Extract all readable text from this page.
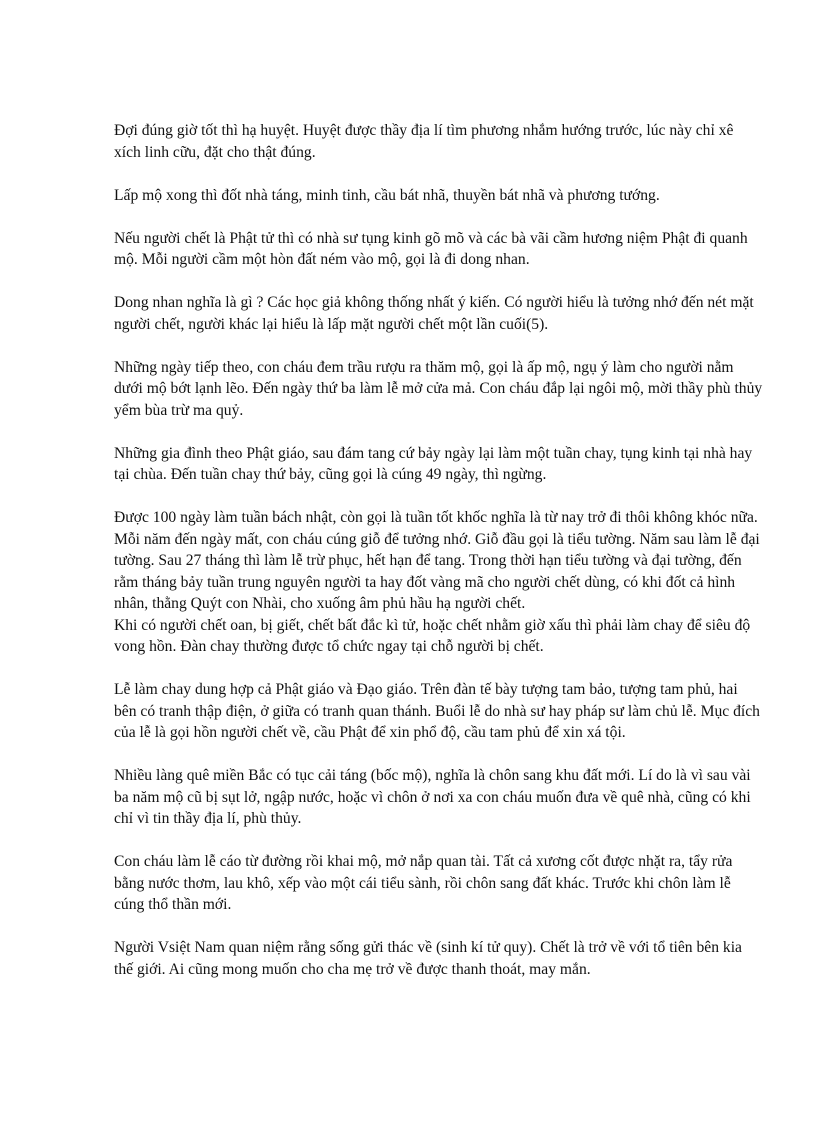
Đợi đúng giờ tốt thì hạ huyệt. Huyệt được thầy địa lí tìm phương nhắm hướng trước, lúc này chỉ xê xích linh cữu, đặt cho thật đúng.

Lấp mộ xong thì đốt nhà táng, minh tinh, cầu bát nhã, thuyền bát nhã và phương tướng.

Nếu người chết là Phật tử thì có nhà sư tụng kinh gõ mõ và các bà vãi cầm hương niệm Phật đi quanh mộ. Mỗi người cầm một hòn đất ném vào mộ, gọi là đi dong nhan.

Dong nhan nghĩa là gì ? Các học giả không thống nhất ý kiến. Có người hiểu là tưởng nhớ đến nét mặt người chết, người khác lại hiểu là lấp mặt người chết một lần cuối(5).

Những ngày tiếp theo, con cháu đem trầu rượu ra thăm mộ, gọi là ấp mộ, ngụ ý làm cho người nằm dưới mộ bớt lạnh lẽo. Đến ngày thứ ba làm lễ mở cửa mả. Con cháu đắp lại ngôi mộ, mời thầy phù thủy yểm bùa trừ ma quỷ.

Những gia đình theo Phật giáo, sau đám tang cứ bảy ngày lại làm một tuần chay, tụng kinh tại nhà hay tại chùa. Đến tuần chay thứ bảy, cũng gọi là cúng 49 ngày, thì ngừng.

Được 100 ngày làm tuần bách nhật, còn gọi là tuần tốt khốc nghĩa là từ nay trở đi thôi không khóc nữa. Mỗi năm đến ngày mất, con cháu cúng giỗ để tưởng nhớ. Giỗ đầu gọi là tiểu tường. Năm sau làm lễ đại tường. Sau 27 tháng thì làm lễ trừ phục, hết hạn để tang. Trong thời hạn tiểu tường và đại tường, đến rằm tháng bảy tuần trung nguyên người ta hay đốt vàng mã cho người chết dùng, có khi đốt cả hình nhân, thằng Quýt con Nhài, cho xuống âm phủ hầu hạ người chết.

Khi có người chết oan, bị giết, chết bất đắc kì tử, hoặc chết nhằm giờ xấu thì phải làm chay để siêu độ vong hồn. Đàn chay thường được tổ chức ngay tại chỗ người bị chết.

Lễ làm chay dung hợp cả Phật giáo và Đạo giáo. Trên đàn tế bày tượng tam bảo, tượng tam phủ, hai bên có tranh thập điện, ở giữa có tranh quan thánh. Buổi lễ do nhà sư hay pháp sư làm chủ lễ. Mục đích của lễ là gọi hồn người chết về, cầu Phật để xin phổ độ, cầu tam phủ để xin xá tội.

Nhiều làng quê miền Bắc có tục cải táng (bốc mộ), nghĩa là chôn sang khu đất mới. Lí do là vì sau vài ba năm mộ cũ bị sụt lở, ngập nước, hoặc vì chôn ở nơi xa con cháu muốn đưa về quê nhà, cũng có khi chỉ vì tin thầy địa lí, phù thủy.

Con cháu làm lễ cáo từ đường rồi khai mộ, mở nắp quan tài. Tất cả xương cốt được nhặt ra, tẩy rửa bằng nước thơm, lau khô, xếp vào một cái tiểu sành, rồi chôn sang đất khác. Trước khi chôn làm lễ cúng thổ thần mới.

Người Vsiệt Nam quan niệm rằng sống gửi thác về (sinh kí tử quy). Chết là trở về với tổ tiên bên kia thế giới. Ai cũng mong muốn cho cha mẹ trở về được thanh thoát, may mắn.
